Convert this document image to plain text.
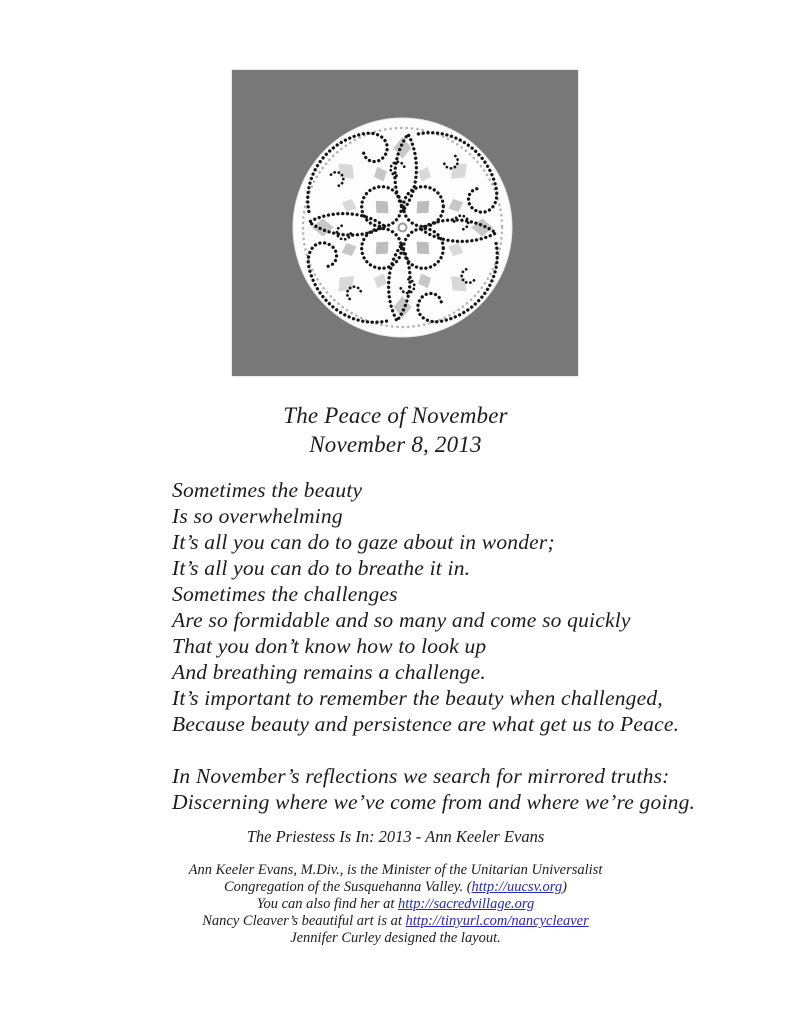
The Peace of November
November 8, 2013
Sometimes the beauty
Is so overwhelming
It’s all you can do to gaze about in wonder;
It’s all you can do to breathe it in.
Sometimes the challenges
Are so formidable and so many and come so quickly
That you don’t know how to look up
And breathing remains a challenge.
It’s important to remember the beauty when challenged,
Because beauty and persistence are what get us to Peace.
In November’s reflections we search for mirrored truths:
Discerning where we’ve come from and where we’re going.
The Priestess Is In: 2013 - Ann Keeler Evans
Ann Keeler Evans, M.Div., is the Minister of the Unitarian Universalist
Congregation of the Susquehanna Valley. (http://uucsv.org)
You can also find her at http://sacredvillage.org
Nancy Cleaver’s beautiful art is at http://tinyurl.com/nancycleaver
Jennifer Curley designed the layout.
